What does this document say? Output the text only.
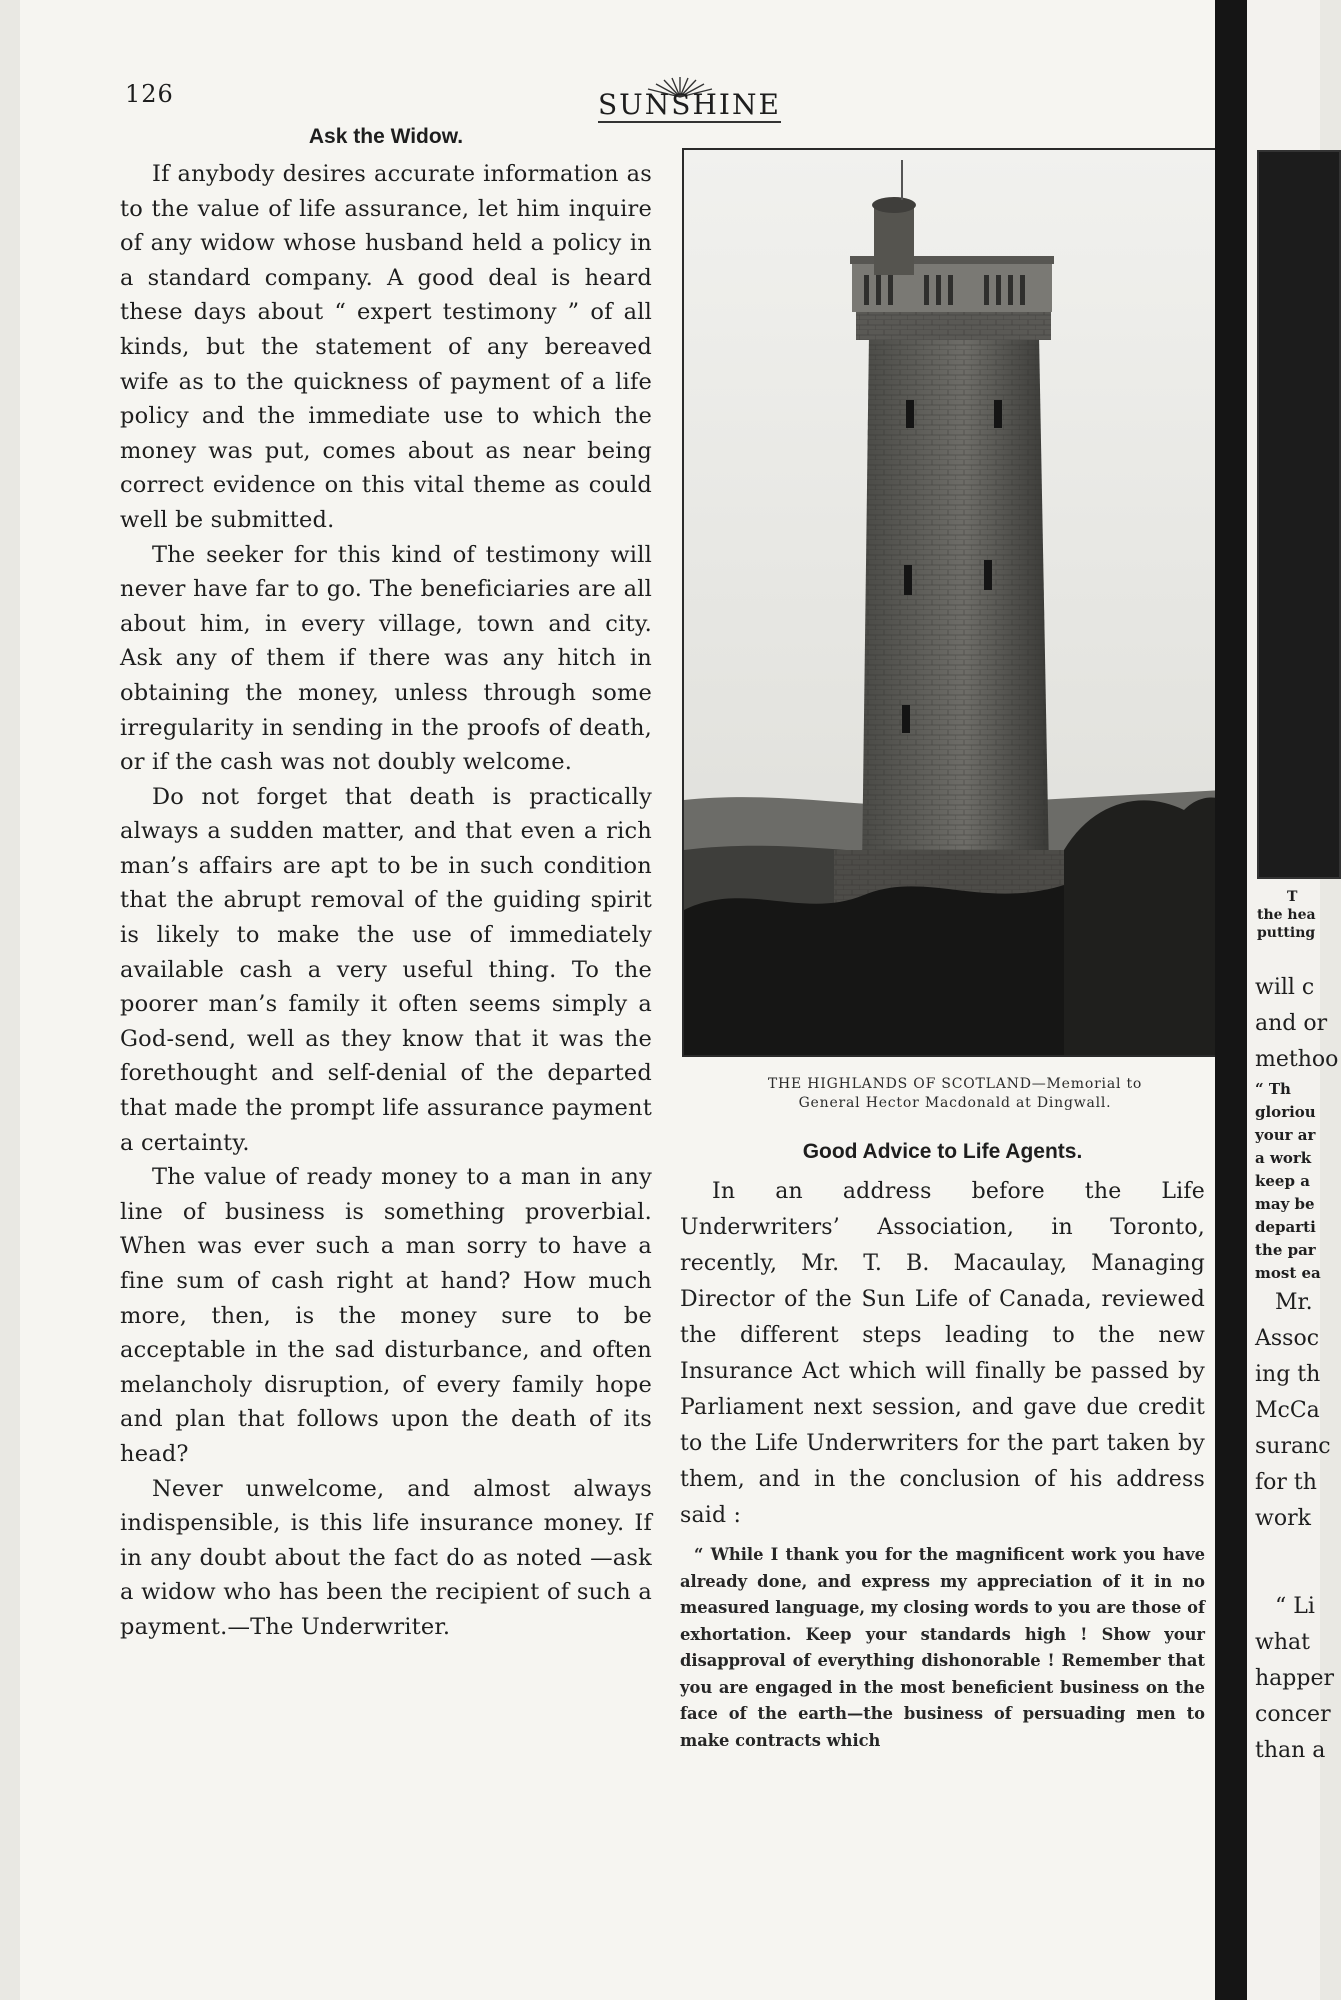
126	SUNSHINE
Ask the Widow.

If anybody desires accurate information as to the value of life assurance, let him inquire of any widow whose husband held a policy in a standard company. A good deal is heard these days about “ expert testimony ” of all kinds, but the statement of any bereaved wife as to the quickness of payment of a life policy and the immediate use to which the money was put, comes about as near being correct evidence on this vital theme as could well be submitted.

The seeker for this kind of testimony will never have far to go. The beneficiaries are all about him, in every village, town and city. Ask any of them if there was any hitch in obtaining the money, unless through some irregularity in sending in the proofs of death, or if the cash was not doubly welcome.

Do not forget that death is practically always a sudden matter, and that even a rich man’s affairs are apt to be in such condition that the abrupt removal of the guiding spirit is likely to make the use of immediately available cash a very useful thing. To the poorer man’s family it often seems simply a God-send, well as they know that it was the forethought and self-denial of the departed that made the prompt life assurance payment a certainty.

The value of ready money to a man in any line of business is something proverbial. When was ever such a man sorry to have a fine sum of cash right at hand? How much more, then, is the money sure to be acceptable in the sad disturbance, and often melancholy disruption, of every family hope and plan that follows upon the death of its head?

Never unwelcome, and almost always indispensible, is this life insurance money. If in any doubt about the fact do as noted —ask a widow who has been the recipient of such a payment.—The Underwriter.

THE HIGHLANDS OF SCOTLAND—Memorial to
General Hector Macdonald at Dingwall.
Good Advice to Life Agents.

In an address before the Life Underwriters’ Association, in Toronto, recently, Mr. T. B. Macaulay, Managing Director of the Sun Life of Canada, reviewed the different steps leading to the new Insurance Act which will finally be passed by Parliament next session, and gave due credit to the Life Underwriters for the part taken by them, and in the conclusion of his address said :

“ While I thank you for the magnificent work you have already done, and express my appreciation of it in no measured language, my closing words to you are those of exhortation. Keep your standards high ! Show your disapproval of everything dishonorable ! Remember that you are engaged in the most beneficient business on the face of the earth—the business of persuading men to make contracts which

T
the hea
putting
will c
and or
methoo
“ Th
gloriou
your ar
a work
keep a
may be
departi
the par
most ea
Mr.
Assoc
ing th
McCa
suranc
for th
work
“ Li
what
happer
concer
than a
